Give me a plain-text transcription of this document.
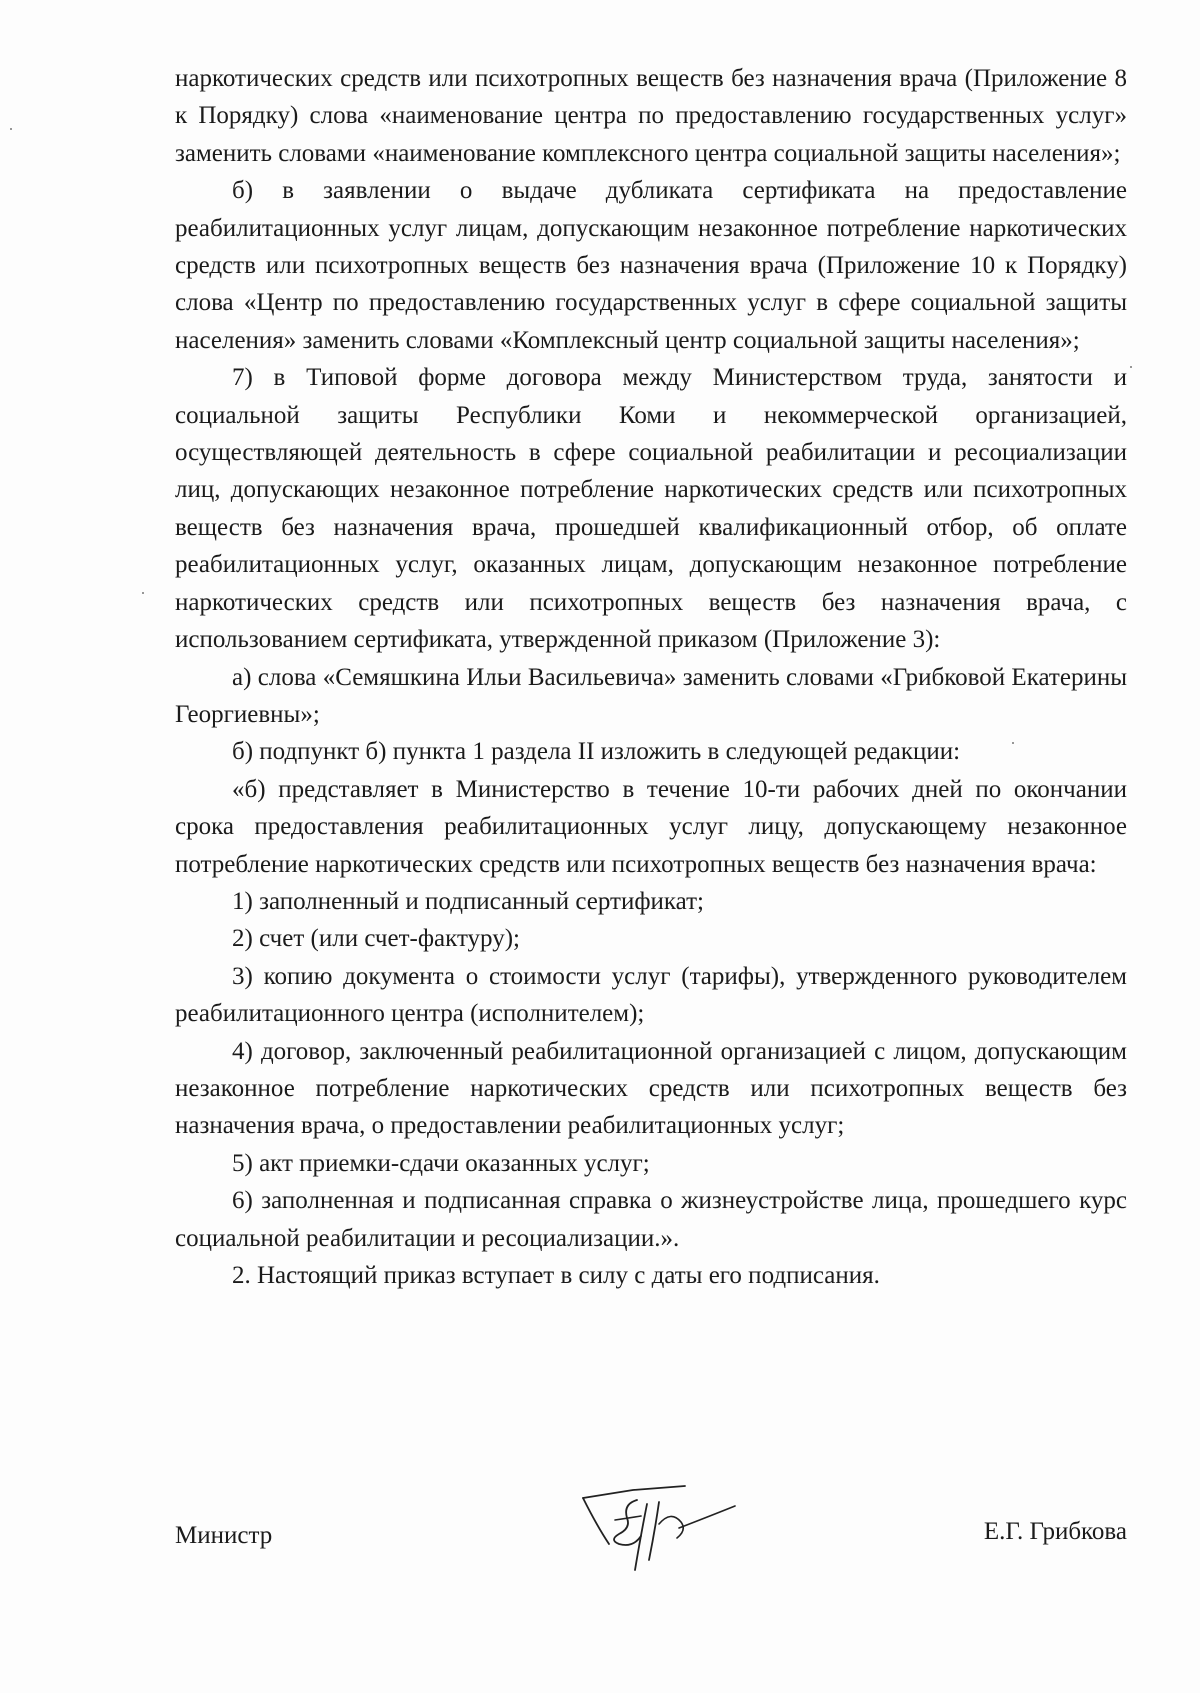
наркотических средств или психотропных веществ без назначения врача (Приложение 8 к Порядку) слова «наименование центра по предоставлению государственных услуг» заменить словами «наименование комплексного центра социальной защиты населения»;

б) в заявлении о выдаче дубликата сертификата на предоставление реабилитационных услуг лицам, допускающим незаконное потребление наркотических средств или психотропных веществ без назначения врача (Приложение 10 к Порядку) слова «Центр по предоставлению государственных услуг в сфере социальной защиты населения» заменить словами «Комплексный центр социальной защиты населения»;

7) в Типовой форме договора между Министерством труда, занятости и социальной защиты Республики Коми и некоммерческой организацией, осуществляющей деятельность в сфере социальной реабилитации и ресоциализации лиц, допускающих незаконное потребление наркотических средств или психотропных веществ без назначения врача, прошедшей квалификационный отбор, об оплате реабилитационных услуг, оказанных лицам, допускающим незаконное потребление наркотических средств или психотропных веществ без назначения врача, с использованием сертификата, утвержденной приказом (Приложение 3):

а) слова «Семяшкина Ильи Васильевича» заменить словами «Грибковой Екатерины Георгиевны»;

б) подпункт б) пункта 1 раздела II изложить в следующей редакции:

«б) представляет в Министерство в течение 10-ти рабочих дней по окончании срока предоставления реабилитационных услуг лицу, допускающему незаконное потребление наркотических средств или психотропных веществ без назначения врача:

1) заполненный и подписанный сертификат;

2) счет (или счет-фактуру);

3) копию документа о стоимости услуг (тарифы), утвержденного руководителем реабилитационного центра (исполнителем);

4) договор, заключенный реабилитационной организацией с лицом, допускающим незаконное потребление наркотических средств или психотропных веществ без назначения врача, о предоставлении реабилитационных услуг;

5) акт приемки-сдачи оказанных услуг;

6) заполненная и подписанная справка о жизнеустройстве лица, прошедшего курс социальной реабилитации и ресоциализации.».

2. Настоящий приказ вступает в силу с даты его подписания.

Министр	Е.Г. Грибкова
